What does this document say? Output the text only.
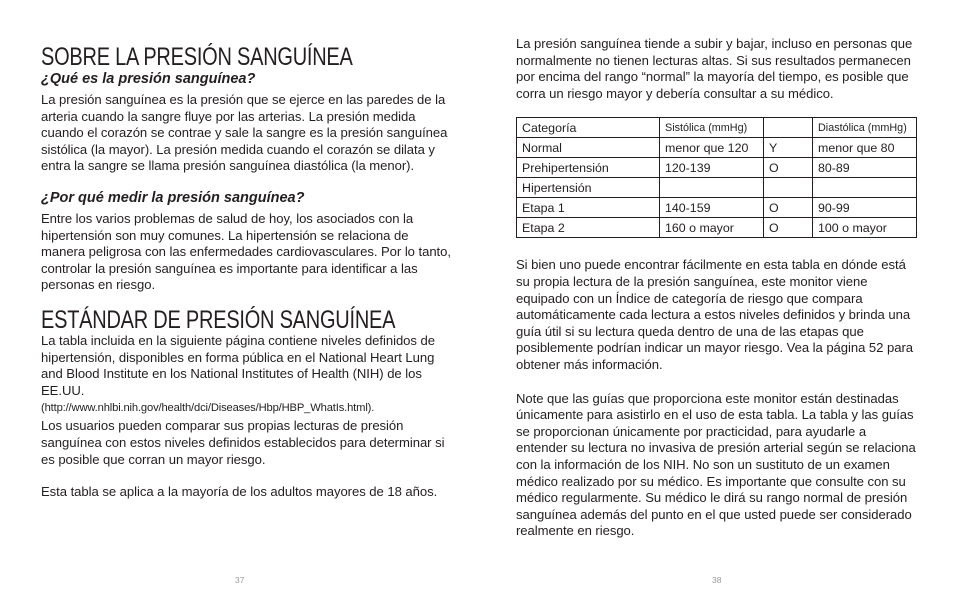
SOBRE LA PRESIÓN SANGUÍNEA
¿Qué es la presión sanguínea?

La presión sanguínea es la presión que se ejerce en las paredes de la arteria cuando la sangre fluye por las arterias. La presión medida cuando el corazón se contrae y sale la sangre es la presión sanguínea sistólica (la mayor). La presión medida cuando el corazón se dilata y entra la sangre se llama presión sanguínea diastólica (la menor).

¿Por qué medir la presión sanguínea?

Entre los varios problemas de salud de hoy, los asociados con la hipertensión son muy comunes. La hipertensión se relaciona de manera peligrosa con las enfermedades cardiovasculares. Por lo tanto, controlar la presión sanguínea es importante para identificar a las personas en riesgo.

ESTÁNDAR DE PRESIÓN SANGUÍNEA

La tabla incluida en la siguiente página contiene niveles definidos de hipertensión, disponibles en forma pública en el National Heart Lung and Blood Institute en los National Institutes of Health (NIH) de los EE.UU.

(http://www.nhlbi.nih.gov/health/dci/Diseases/Hbp/HBP_WhatIs.html).

Los usuarios pueden comparar sus propias lecturas de presión sanguínea con estos niveles definidos establecidos para determinar si es posible que corran un mayor riesgo.

Esta tabla se aplica a la mayoría de los adultos mayores de 18 años.

La presión sanguínea tiende a subir y bajar, incluso en personas que normalmente no tienen lecturas altas. Si sus resultados permanecen por encima del rango “normal” la mayoría del tiempo, es posible que corra un riesgo mayor y debería consultar a su médico.

Categoría	Sistólica (mmHg)		Diastólica (mmHg)
Normal	menor que 120	Y	menor que 80
Prehipertensión	120-139	O	80-89
Hipertensión			
Etapa 1	140-159	O	90-99
Etapa 2	160 o mayor	O	100 o mayor

Si bien uno puede encontrar fácilmente en esta tabla en dónde está su propia lectura de la presión sanguínea, este monitor viene equipado con un Índice de categoría de riesgo que compara automáticamente cada lectura a estos niveles definidos y brinda una guía útil si su lectura queda dentro de una de las etapas que posiblemente podrían indicar un mayor riesgo. Vea la página 52 para obtener más información.

Note que las guías que proporciona este monitor están destinadas únicamente para asistirlo en el uso de esta tabla. La tabla y las guías se proporcionan únicamente por practicidad, para ayudarle a entender su lectura no invasiva de presión arterial según se relaciona con la información de los NIH. No son un sustituto de un examen médico realizado por su médico. Es importante que consulte con su médico regularmente. Su médico le dirá su rango normal de presión sanguínea además del punto en el que usted puede ser considerado realmente en riesgo.

37	38
